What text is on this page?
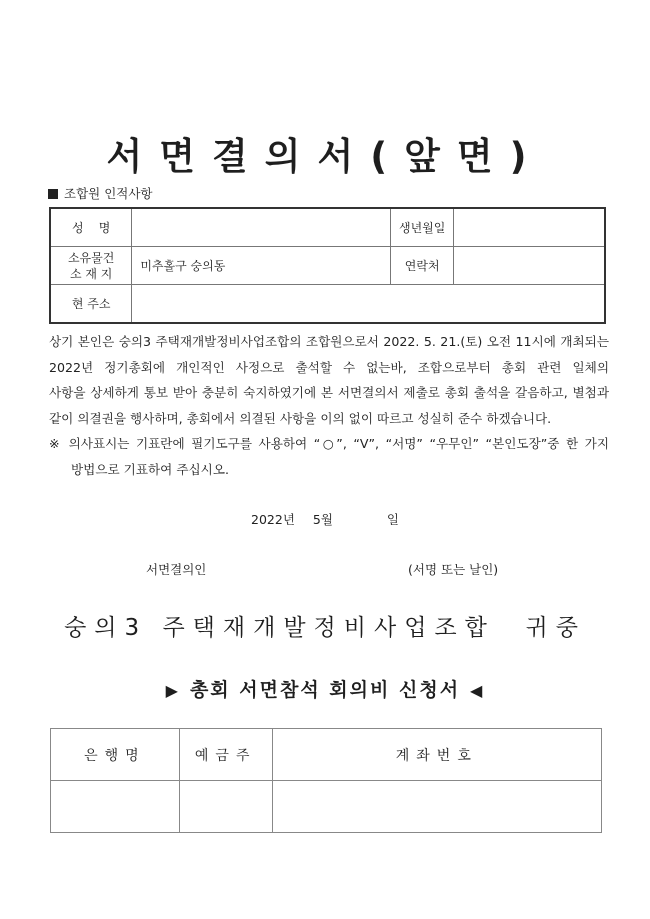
서면결의서(앞면)
조합원 인적사항
성    명		생년월일	

소유물건
소 재 지	미추홀구 숭의동	연락처	
현 주소			

상기 본인은 숭의3 주택재개발정비사업조합의 조합원으로서 2022. 5. 21.(토) 오전 11시에 개최되는

2022년 정기총회에 개인적인 사정으로 출석할 수 없는바, 조합으로부터 총회 관련 일체의

사항을 상세하게 통보 받아 충분히 숙지하였기에 본 서면결의서 제출로 총회 출석을 갈음하고, 별첨과

같이 의결권을 행사하며, 총회에서 의결된 사항을 이의 없이 따르고 성실히 준수 하겠습니다.

※ 의사표시는 기표란에 필기도구를 사용하여 “○”, “V”, “서명” “우무인” “본인도장”중 한 가지
방법으로 기표하여 주십시오.
2022년 5월	일
서면결의인	(서명 또는 날인)
숭의3 주택재개발정비사업조합  귀중
▶ 총회 서면참석 회의비 신청서 ◀
은행명	예금주	계좌번호
